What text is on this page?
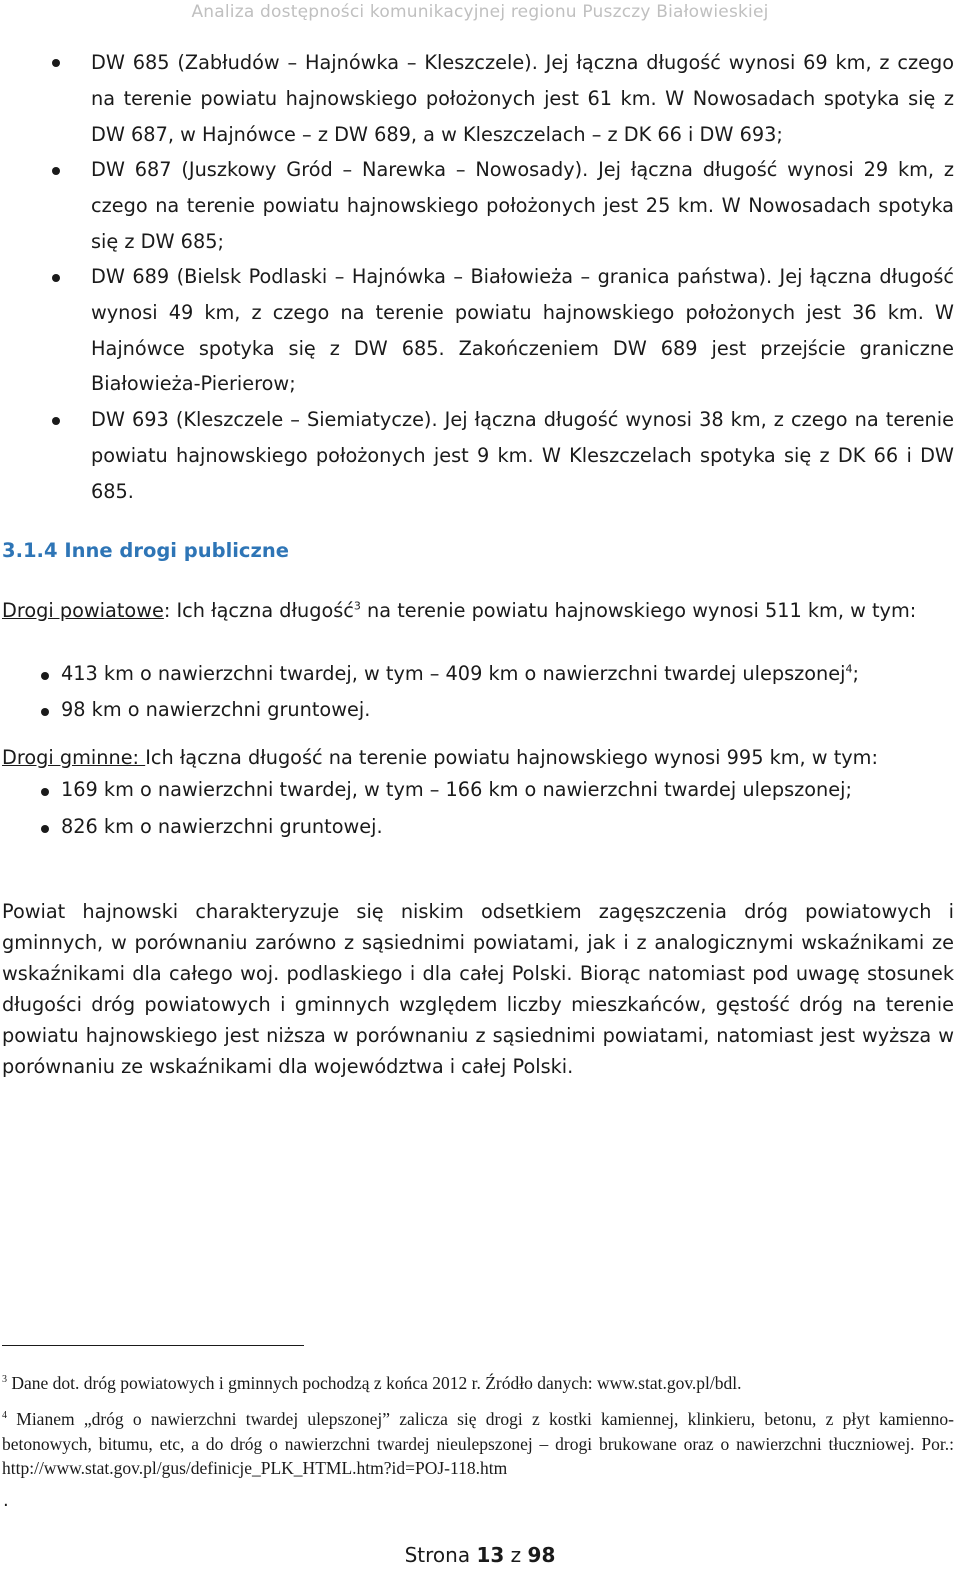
Analiza dostępności komunikacyjnej regionu Puszczy Białowieskiej
DW 685 (Zabłudów – Hajnówka – Kleszczele). Jej łączna długość wynosi 69 km, z czego na terenie powiatu hajnowskiego położonych jest 61 km. W Nowosadach spotyka się z DW 687, w Hajnówce – z DW 689, a w Kleszczelach – z DK 66 i DW 693;
DW 687 (Juszkowy Gród – Narewka – Nowosady). Jej łączna długość wynosi 29 km, z czego na terenie powiatu hajnowskiego położonych jest 25 km. W Nowosadach spotyka się z DW 685;
DW 689 (Bielsk Podlaski – Hajnówka – Białowieża – granica państwa). Jej łączna długość wynosi 49 km, z czego na terenie powiatu hajnowskiego położonych jest 36 km. W Hajnówce spotyka się z DW 685. Zakończeniem DW 689 jest przejście graniczne Białowieża-Pierierow;
DW 693 (Kleszczele – Siemiatycze). Jej łączna długość wynosi 38 km, z czego na terenie powiatu hajnowskiego położonych jest 9 km. W Kleszczelach spotyka się z DK 66 i DW 685.
3.1.4 Inne drogi publiczne
Drogi powiatowe: Ich łączna długość$^3$ na terenie powiatu hajnowskiego wynosi 511 km, w tym:
413 km o nawierzchni twardej, w tym – 409 km o nawierzchni twardej ulepszonej$^4$;
98 km o nawierzchni gruntowej.
Drogi gminne: Ich łączna długość na terenie powiatu hajnowskiego wynosi 995 km, w tym:
169 km o nawierzchni twardej, w tym – 166 km o nawierzchni twardej ulepszonej;
826 km o nawierzchni gruntowej.
Powiat hajnowski charakteryzuje się niskim odsetkiem zagęszczenia dróg powiatowych i gminnych, w porównaniu zarówno z sąsiednimi powiatami, jak i z analogicznymi wskaźnikami ze wskaźnikami dla całego woj. podlaskiego i dla całej Polski. Biorąc natomiast pod uwagę stosunek długości dróg powiatowych i gminnych względem liczby mieszkańców, gęstość dróg na terenie powiatu hajnowskiego jest niższa w porównaniu z sąsiednimi powiatami, natomiast jest wyższa w porównaniu ze wskaźnikami dla województwa i całej Polski.
$^3$ Dane dot. dróg powiatowych i gminnych pochodzą z końca 2012 r. Źródło danych: www.stat.gov.pl/bdl.
$^4$ Mianem „dróg o nawierzchni twardej ulepszonej” zalicza się drogi z kostki kamiennej, klinkieru, betonu, z płyt kamienno-betonowych, bitumu, etc, a do dróg o nawierzchni twardej nieulepszonej – drogi brukowane oraz o nawierzchni tłuczniowej. Por.: http://www.stat.gov.pl/gus/definicje_PLK_HTML.htm?id=POJ-118.htm
.
Strona 13 z 98
